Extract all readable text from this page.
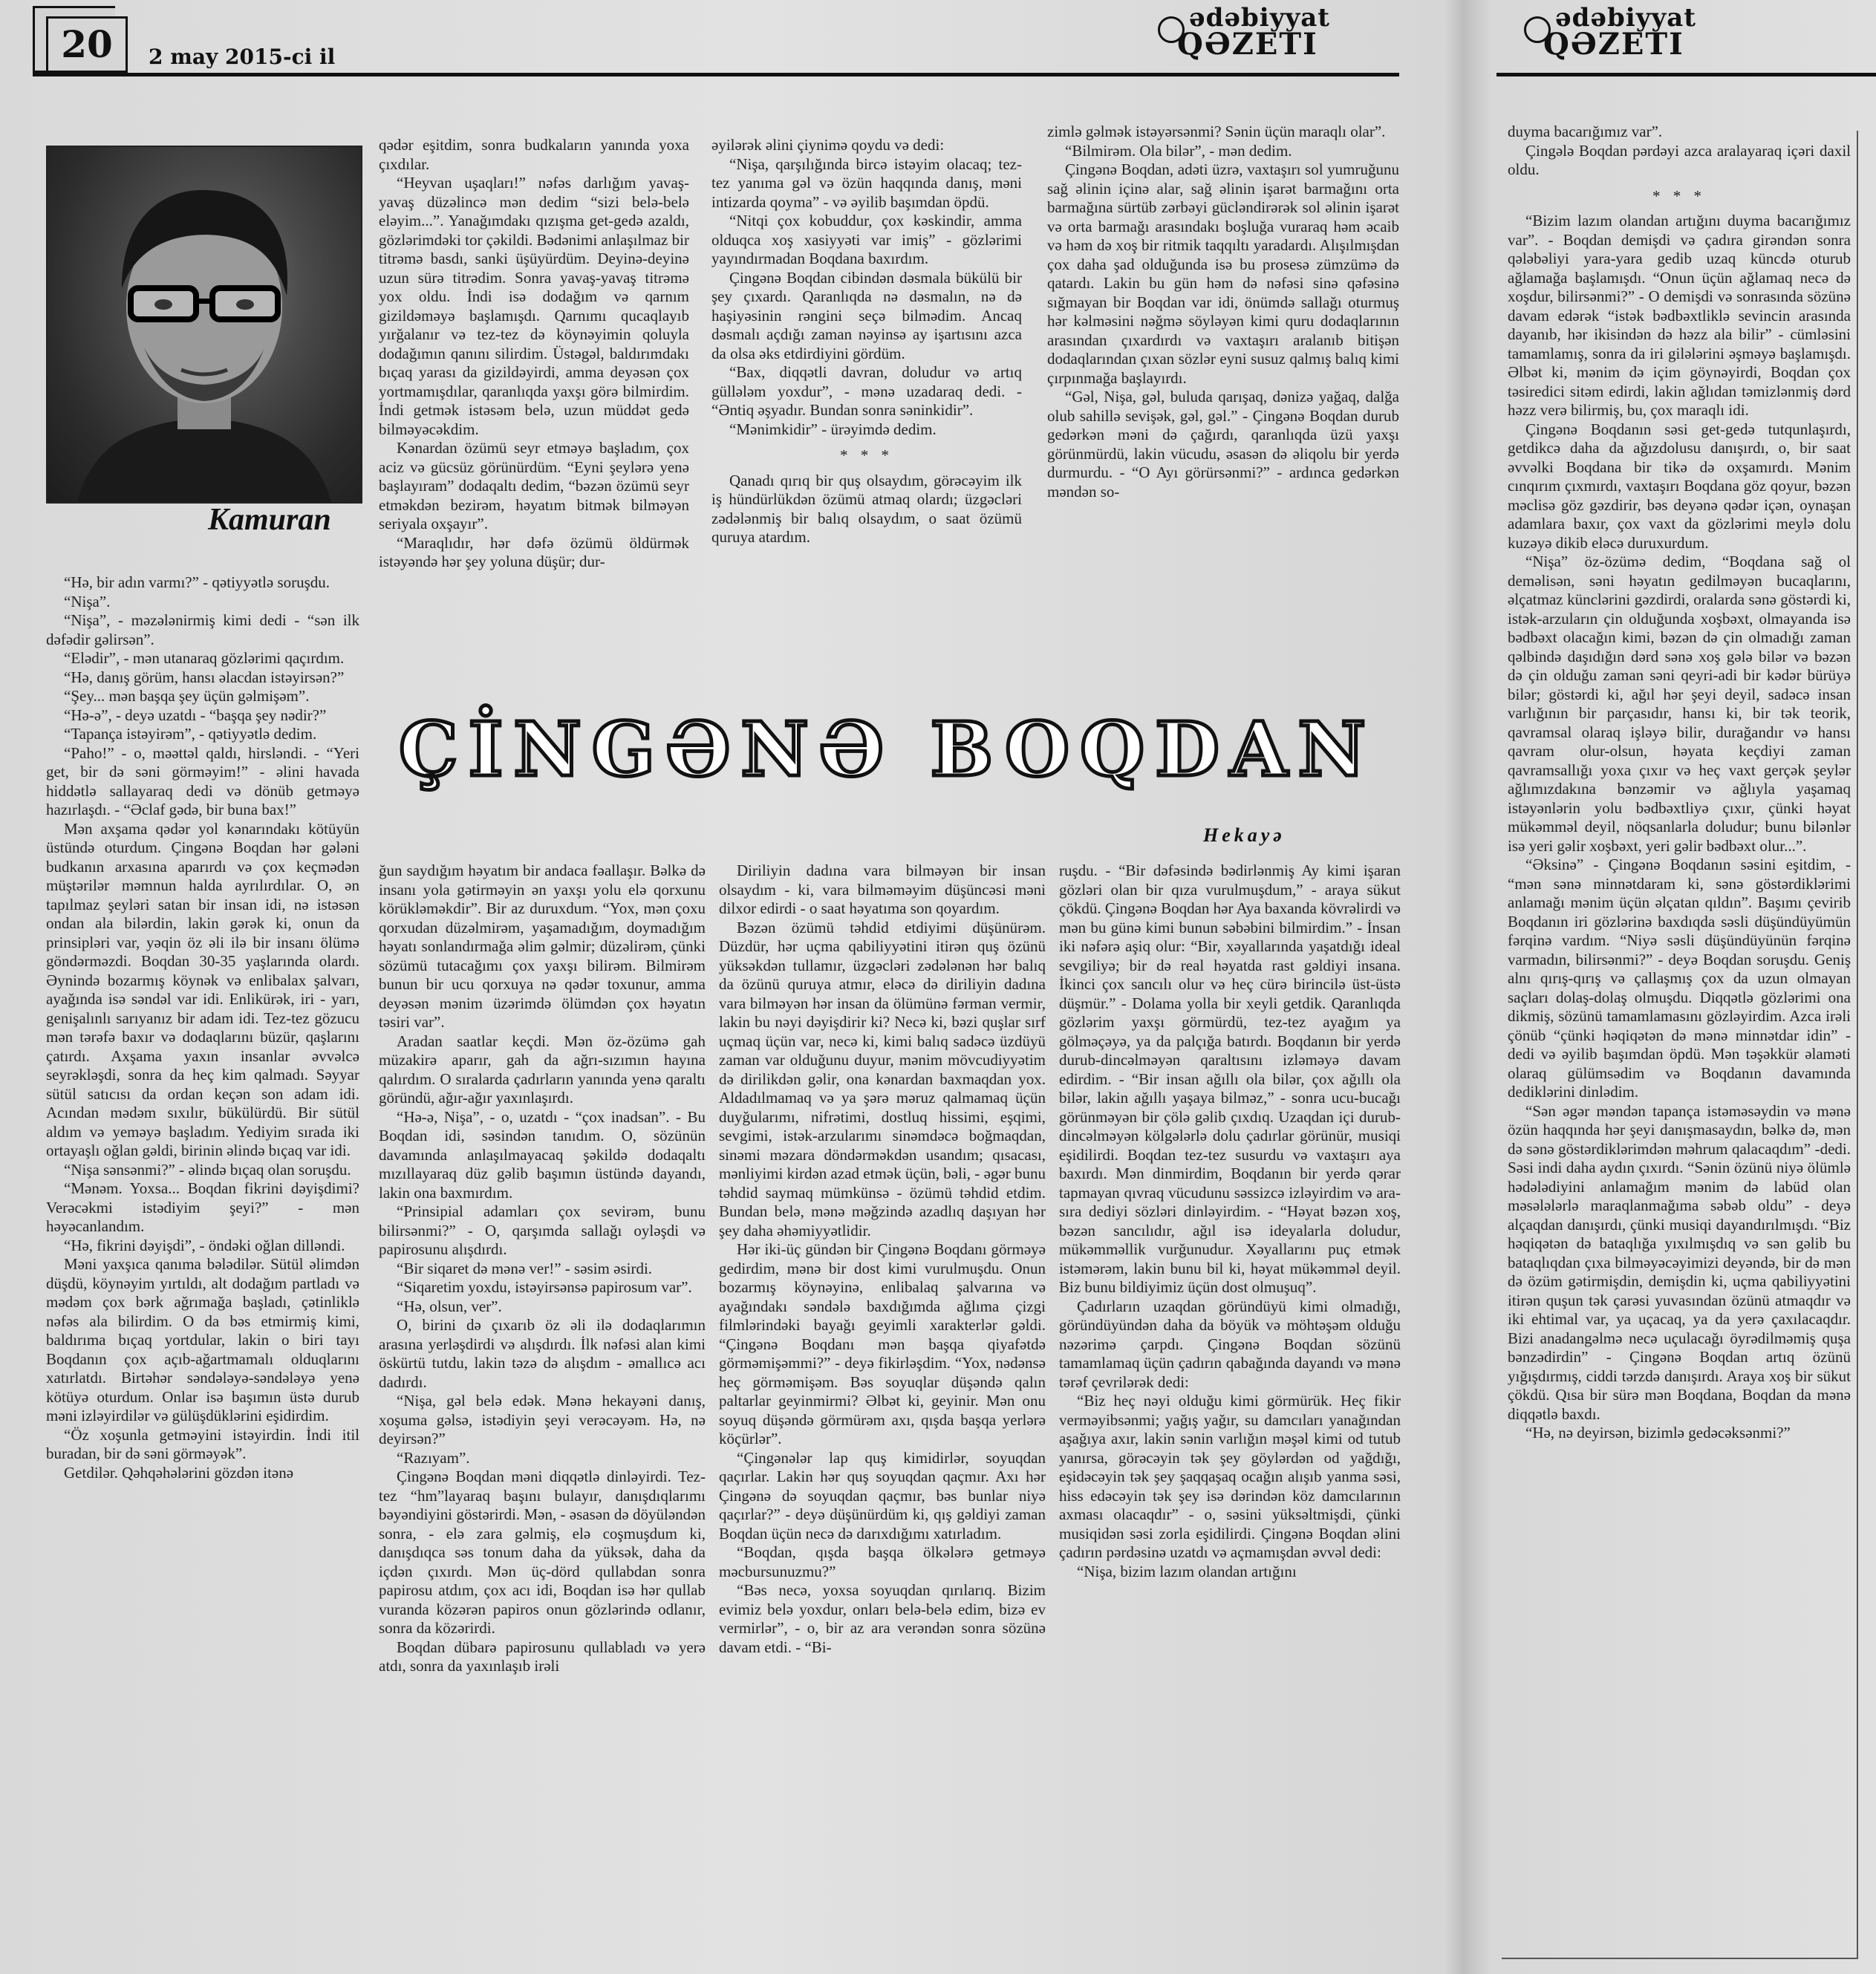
20	2 may 2015-ci il
ədəbiyyat
QƏZETI
ədəbiyyat
QƏZETI
Kamuran
ÇİNGƏNƏ BOQDAN
Hekayə

“Hə, bir adın varmı?” - qətiyyətlə soruşdu.

“Nişa”.

“Nişa”, - məzələnirmiş kimi dedi - “sən ilk dəfədir gəlirsən”.

“Elədir”, - mən utanaraq gözlərimi qaçırdım.

“Hə, danış görüm, hansı əlacdan istəyirsən?”

“Şey... mən başqa şey üçün gəlmişəm”.

“Hə-ə”, - deyə uzatdı - “başqa şey nədir?”

“Tapança istəyirəm”, - qətiyyətlə dedim.

“Paho!” - o, məəttəl qaldı, hirsləndi. - “Yeri get, bir də səni görməyim!” - əlini havada hiddətlə sallayaraq dedi və dönüb getməyə hazırlaşdı. - “Əclaf gədə, bir buna bax!”

Mən axşama qədər yol kənarındakı kötüyün üstündə oturdum. Çingənə Boqdan hər gələni budkanın arxasına aparırdı və çox keçmədən müştərilər məmnun halda ayrılırdılar. O, ən tapılmaz şeyləri satan bir insan idi, nə istəsən ondan ala bilərdin, lakin gərək ki, onun da prinsipləri var, yəqin öz əli ilə bir insanı ölümə göndərməzdi. Boqdan 30-35 yaşlarında olardı. Əynində bozarmış köynək və enlibalax şalvarı, ayağında isə səndəl var idi. Enlikürək, iri - yarı, genişalınlı sarıyanız bir adam idi. Tez-tez gözucu mən tərəfə baxır və dodaqlarını büzür, qaşlarını çatırdı. Axşama yaxın insanlar əvvəlcə seyrəkləşdi, sonra da heç kim qalmadı. Səyyar sütül satıcısı da ordan keçən son adam idi. Acından mədəm sıxılır, bükülürdü. Bir sütül aldım və yeməyə başladım. Yediyim sırada iki ortayaşlı oğlan gəldi, birinin əlində bıçaq var idi.

“Nişa sənsənmi?” - əlində bıçaq olan soruşdu.

“Mənəm. Yoxsa... Boqdan fikrini dəyişdimi? Verəcəkmi istədiyim şeyi?” - mən həyəcanlandım.

“Hə, fikrini dəyişdi”, - öndəki oğlan dilləndi.

Məni yaxşıca qanıma bələdilər. Sütül əlimdən düşdü, köynəyim yırtıldı, alt dodağım partladı və mədəm çox bərk ağrımağa başladı, çətinliklə nəfəs ala bilirdim. O da bəs etmirmiş kimi, baldırıma bıçaq yortdular, lakin o biri tayı Boqdanın çox açıb-ağartmamalı olduqlarını xatırlatdı. Birtəhər səndələyə-səndələyə yenə kötüyə oturdum. Onlar isə başımın üstə durub məni izləyirdilər və gülüşdüklərini eşidirdim.

“Öz xoşunla getməyini istəyirdin. İndi itil buradan, bir də səni görməyək”.

Getdilər. Qəhqəhələrini gözdən itənə

qədər eşitdim, sonra budkaların yanında yoxa çıxdılar.

“Heyvan uşaqları!” nəfəs darlığım yavaş-yavaş düzəlincə mən dedim “sizi belə-belə eləyim...”. Yanağımdakı qızışma get-gedə azaldı, gözlərimdəki tor çəkildi. Bədənimi anlaşılmaz bir titrəmə basdı, sanki üşüyürdüm. Deyinə-deyinə uzun sürə titrədim. Sonra yavaş-yavaş titrəmə yox oldu. İndi isə dodağım və qarnım gizildəməyə başlamışdı. Qarnımı qucaqlayıb yırğalanır və tez-tez də köynəyimin qoluyla dodağımın qanını silirdim. Üstəgəl, baldırımdakı bıçaq yarası da gizildəyirdi, amma deyəsən çox yortmamışdılar, qaranlıqda yaxşı görə bilmirdim. İndi getmək istəsəm belə, uzun müddət gedə bilməyəcəkdim.

Kənardan özümü seyr etməyə başladım, çox aciz və gücsüz görünürdüm. “Eyni şeylərə yenə başlayıram” dodaqaltı dedim, “bəzən özümü seyr etməkdən bezirəm, həyatım bitmək bilməyən seriyala oxşayır”.

“Maraqlıdır, hər dəfə özümü öldürmək istəyəndə hər şey yoluna düşür; dur-

əyilərək əlini çiynimə qoydu və dedi:

“Nişa, qarşılığında bircə istəyim olacaq; tez-tez yanıma gəl və özün haqqında danış, məni intizarda qoyma” - və əyilib başımdan öpdü.

“Nitqi çox kobuddur, çox kəskindir, amma olduqca xoş xasiyyəti var imiş” - gözlərimi yayındırmadan Boqdana baxırdım.

Çingənə Boqdan cibindən dəsmala bükülü bir şey çıxardı. Qaranlıqda nə dəsmalın, nə də haşiyəsinin rəngini seçə bilmədim. Ancaq dəsmalı açdığı zaman nəyinsə ay işartısını azca da olsa əks etdirdiyini gördüm.

“Bax, diqqətli davran, doludur və artıq güllələm yoxdur”, - mənə uzadaraq dedi. - “Əntiq əşyadır. Bundan sonra səninkidir”.

“Mənimkidir” - ürəyimdə dedim.

* * *

Qanadı qırıq bir quş olsaydım, görəcəyim ilk iş hündürlükdən özümü atmaq olardı; üzgəcləri zədələnmiş bir balıq olsaydım, o saat özümü quruya atardım.

zimlə gəlmək istəyərsənmi? Sənin üçün maraqlı olar”.

“Bilmirəm. Ola bilər”, - mən dedim.

Çingənə Boqdan, adəti üzrə, vaxtaşırı sol yumruğunu sağ əlinin içinə alar, sağ əlinin işarət barmağını orta barmağına sürtüb zərbəyi gücləndirərək sol əlinin işarət və orta barmağı arasındakı boşluğa vuraraq həm əcaib və həm də xoş bir ritmik taqqıltı yaradardı. Alışılmışdan çox daha şad olduğunda isə bu prosesə zümzümə də qatardı. Lakin bu gün həm də nəfəsi sinə qəfəsinə sığmayan bir Boqdan var idi, önümdə sallağı oturmuş hər kəlməsini nəğmə söyləyən kimi quru dodaqlarının arasından çıxardırdı və vaxtaşırı aralanıb bitişən dodaqlarından çıxan sözlər eyni susuz qalmış balıq kimi çırpınmağa başlayırdı.

“Gəl, Nişa, gəl, buluda qarışaq, dənizə yağaq, dalğa olub sahillə sevişək, gəl, gəl.” - Çingənə Boqdan durub gedərkən məni də çağırdı, qaranlıqda üzü yaxşı görünmürdü, lakin vücudu, əsasən də əliqolu bir yerdə durmurdu. - “O Ayı görürsənmi?” - ardınca gedərkən məndən so-

ğun saydığım həyatım bir andaca fəallaşır. Bəlkə də insanı yola gətirməyin ən yaxşı yolu elə qorxunu körükləməkdir”. Bir az duruxdum. “Yox, mən çoxu qorxudan düzəlmirəm, yaşamadığım, doymadığım həyatı sonlandırmağa əlim gəlmir; düzəlirəm, çünki sözümü tutacağımı çox yaxşı bilirəm. Bilmirəm bunun bir ucu qorxuya nə qədər toxunur, amma deyəsən mənim üzərimdə ölümdən çox həyatın təsiri var”.

Aradan saatlar keçdi. Mən öz-özümə gah müzakirə aparır, gah da ağrı-sızımın hayına qalırdım. O sıralarda çadırların yanında yenə qaraltı göründü, ağır-ağır yaxınlaşırdı.

“Hə-ə, Nişa”, - o, uzatdı - “çox inadsan”. - Bu Boqdan idi, səsindən tanıdım. O, sözünün davamında anlaşılmayacaq şəkildə dodaqaltı mızıllayaraq düz gəlib başımın üstündə dayandı, lakin ona baxmırdım.

“Prinsipial adamları çox sevirəm, bunu bilirsənmi?” - O, qarşımda sallağı oyləşdi və papirosunu alışdırdı.

“Bir siqaret də mənə ver!” - səsim əsirdi.

“Siqaretim yoxdu, istəyirsənsə papirosum var”.

“Hə, olsun, ver”.

O, birini də çıxarıb öz əli ilə dodaqlarımın arasına yerləşdirdi və alışdırdı. İlk nəfəsi alan kimi öskürtü tutdu, lakin təzə də alışdım - əmallıcə acı dadırdı.

“Nişa, gəl belə edək. Mənə hekayəni danış, xoşuma gəlsə, istədiyin şeyi verəcəyəm. Hə, nə deyirsən?”

“Razıyam”.

Çingənə Boqdan məni diqqətlə dinləyirdi. Tez-tez “hm”layaraq başını bulayır, danışdıqlarımı bəyəndiyini göstərirdi. Mən, - əsasən də döyüləndən sonra, - elə zara gəlmiş, elə coşmuşdum ki, danışdıqca səs tonum daha da yüksək, daha da içdən çıxırdı. Mən üç-dörd qullabdan sonra papirosu atdım, çox acı idi, Boqdan isə hər qullab vuranda közərən papiros onun gözlərində odlanır, sonra da közərirdi.

Boqdan dübarə papirosunu qullabladı və yerə atdı, sonra da yaxınlaşıb irəli

Diriliyin dadına vara bilməyən bir insan olsaydım - ki, vara bilməməyim düşüncəsi məni dilxor edirdi - o saat həyatıma son qoyardım.

Bəzən özümü təhdid etdiyimi düşünürəm. Düzdür, hər uçma qabiliyyətini itirən quş özünü yüksəkdən tullamır, üzgəcləri zədələnən hər balıq da özünü quruya atmır, eləcə də diriliyin dadına vara bilməyən hər insan da ölümünə fərman vermir, lakin bu nəyi dəyişdirir ki? Necə ki, bəzi quşlar sırf uçmaq üçün var, necə ki, kimi balıq sadəcə üzdüyü zaman var olduğunu duyur, mənim mövcudiyyətim də dirilikdən gəlir, ona kənardan baxmaqdan yox. Aldadılmamaq və ya şərə məruz qalmamaq üçün duyğularımı, nifrətimi, dostluq hissimi, eşqimi, sevgimi, istək-arzularımı sinəmdəcə boğmaqdan, sinəmi məzara döndərməkdən usandım; qısacası, mənliyimi kirdən azad etmək üçün, bəli, - əgər bunu təhdid saymaq mümkünsə - özümü təhdid etdim. Bundan belə, mənə məğzində azadlıq daşıyan hər şey daha əhəmiyyətlidir.

Hər iki-üç gündən bir Çingənə Boqdanı görməyə gedirdim, mənə bir dost kimi vurulmuşdu. Onun bozarmış köynəyinə, enlibalaq şalvarına və ayağındakı səndələ baxdığımda ağlıma çizgi filmlərindəki bayağı geyimli xarakterlər gəldi. “Çingənə Boqdanı mən başqa qiyafətdə görməmişəmmi?” - deyə fikirləşdim. “Yox, nədənsə heç görməmişəm. Bəs soyuqlar düşəndə qalın paltarlar geyinmirmi? Əlbət ki, geyinir. Mən onu soyuq düşəndə görmürəm axı, qışda başqa yerlərə köçürlər”.

“Çingənələr lap quş kimidirlər, soyuqdan qaçırlar. Lakin hər quş soyuqdan qaçmır. Axı hər Çingənə də soyuqdan qaçmır, bəs bunlar niyə qaçırlar?” - deyə düşünürdüm ki, qış gəldiyi zaman Boqdan üçün necə də darıxdığımı xatırladım.

“Boqdan, qışda başqa ölkələrə getməyə məcbursunuzmu?”

“Bəs necə, yoxsa soyuqdan qırılarıq. Bizim evimiz belə yoxdur, onları belə-belə edim, bizə ev vermirlər”, - o, bir az ara verəndən sonra sözünə davam etdi. - “Bi-

ruşdu. - “Bir dəfəsində bədirlənmiş Ay kimi işaran gözləri olan bir qıza vurulmuşdum,” - araya sükut çökdü. Çingənə Boqdan hər Aya baxanda kövrəlirdi və mən bu günə kimi bunun səbəbini bilmirdim.” - İnsan iki nəfərə aşiq olur: “Bir, xəyallarında yaşatdığı ideal sevgiliyə; bir də real həyatda rast gəldiyi insana. İkinci çox sancılı olur və heç cürə birincilə üst-üstə düşmür.” - Dolama yolla bir xeyli getdik. Qaranlıqda gözlərim yaxşı görmürdü, tez-tez ayağım ya gölməçəyə, ya da palçığa batırdı. Boqdanın bir yerdə durub-dincəlməyən qaraltısını izləməyə davam edirdim. - “Bir insan ağıllı ola bilər, çox ağıllı ola bilər, lakin ağıllı yaşaya bilməz,” - sonra ucu-bucağı görünməyən bir çölə gəlib çıxdıq. Uzaqdan içi durub-dincəlməyən kölgələrlə dolu çadırlar görünür, musiqi eşidilirdi. Boqdan tez-tez susurdu və vaxtaşırı aya baxırdı. Mən dinmirdim, Boqdanın bir yerdə qərar tapmayan qıvraq vücudunu səssizcə izləyirdim və ara-sıra dediyi sözləri dinləyirdim. - “Həyat bəzən xoş, bəzən sancılıdır, ağıl isə ideyalarla doludur, mükəmməllik vurğunudur. Xəyallarını puç etmək istəmərəm, lakin bunu bil ki, həyat mükəmməl deyil. Biz bunu bildiyimiz üçün dost olmuşuq”.

Çadırların uzaqdan göründüyü kimi olmadığı, göründüyündən daha da böyük və möhtəşəm olduğu nəzərimə çarpdı. Çingənə Boqdan sözünü tamamlamaq üçün çadırın qabağında dayandı və mənə tərəf çevrilərək dedi:

“Biz heç nəyi olduğu kimi görmürük. Heç fikir verməyibsənmi; yağış yağır, su damcıları yanağından aşağıya axır, lakin sənin varlığın məşəl kimi od tutub yanırsa, görəcəyin tək şey göylərdən od yağdığı, eşidəcəyin tək şey şaqqaşaq ocağın alışıb yanma səsi, hiss edəcəyin tək şey isə dərindən köz damcılarının axması olacaqdır” - o, səsini yüksəltmişdi, çünki musiqidən səsi zorla eşidilirdi. Çingənə Boqdan əlini çadırın pərdəsinə uzatdı və açmamışdan əvvəl dedi:

“Nişa, bizim lazım olandan artığını

duyma bacarığımız var”.

Çingələ Boqdan pərdəyi azca aralayaraq içəri daxil oldu.

* * *

“Bizim lazım olandan artığını duyma bacarığımız var”. - Boqdan demişdi və çadıra girəndən sonra qələbəliyi yara-yara gedib uzaq küncdə oturub ağlamağa başlamışdı. “Onun üçün ağlamaq necə də xoşdur, bilirsənmi?” - O demişdi və sonrasında sözünə davam edərək “istək bədbəxtliklə sevincin arasında dayanıb, hər ikisindən də həzz ala bilir” - cümləsini tamamlamış, sonra da iri gilələrini əşməyə başlamışdı. Əlbət ki, mənim də içim göynəyirdi, Boqdan çox təsiredici sitəm edirdi, lakin ağlıdan təmizlənmiş dərd həzz verə bilirmiş, bu, çox maraqlı idi.

Çingənə Boqdanın səsi get-gedə tutqunlaşırdı, getdikcə daha da ağızdolusu danışırdı, o, bir saat əvvəlki Boqdana bir tikə də oxşamırdı. Mənim cınqırım çıxmırdı, vaxtaşırı Boqdana göz qoyur, bəzən məclisə göz gəzdirir, bəs deyənə qədər içən, oynaşan adamlara baxır, çox vaxt da gözlərimi meylə dolu kuzəyə dikib eləcə duruxurdum.

“Nişa” öz-özümə dedim, “Boqdana sağ ol deməlisən, səni həyatın gedilməyən bucaqlarını, əlçatmaz künclərini gəzdirdi, oralarda sənə göstərdi ki, istək-arzuların çin olduğunda xoşbəxt, olmayanda isə bədbəxt olacağın kimi, bəzən də çin olmadığı zaman qəlbində daşıdığın dərd sənə xoş gələ bilər və bəzən də çin olduğu zaman səni qeyri-adi bir kədər bürüyə bilər; göstərdi ki, ağıl hər şeyi deyil, sadəcə insan varlığının bir parçasıdır, hansı ki, bir tək teorik, qavramsal olaraq işləyə bilir, durağandır və hansı qavram olur-olsun, həyata keçdiyi zaman qavramsallığı yoxa çıxır və heç vaxt gerçək şeylər ağlımızdakına bənzəmir və ağlıyla yaşamaq istəyənlərin yolu bədbəxtliyə çıxır, çünki həyat mükəmməl deyil, nöqsanlarla doludur; bunu bilənlər isə yeri gəlir xoşbəxt, yeri gəlir bədbəxt olur...”.

“Əksinə” - Çingənə Boqdanın səsini eşitdim, - “mən sənə minnətdaram ki, sənə göstərdiklərimi anlamağı mənim üçün əlçatan qıldın”. Başımı çevirib Boqdanın iri gözlərinə baxdıqda səsli düşündüyümün fərqinə vardım. “Niyə səsli düşündüyünün fərqinə varmadın, bilirsənmi?” - deyə Boqdan soruşdu. Geniş alnı qırış-qırış və çallaşmış çox da uzun olmayan saçları dolaş-dolaş olmuşdu. Diqqətlə gözlərimi ona dikmiş, sözünü tamamlamasını gözləyirdim. Azca irəli çönüb “çünki həqiqətən də mənə minnətdar idin” - dedi və əyilib başımdan öpdü. Mən təşəkkür əlaməti olaraq gülümsədim və Boqdanın davamında dediklərini dinlədim.

“Sən əgər məndən tapança istəməsəydin və mənə özün haqqında hər şeyi danışmasaydın, bəlkə də, mən də sənə göstərdiklərimdən məhrum qalacaqdım” -dedi. Səsi indi daha aydın çıxırdı. “Sənin özünü niyə ölümlə hədələdiyini anlamağım mənim də labüd olan məsələlərlə maraqlanmağıma səbəb oldu” - deyə alçaqdan danışırdı, çünki musiqi dayandırılmışdı. “Biz həqiqətən də bataqlığa yıxılmışdıq və sən gəlib bu bataqlıqdan çıxa bilməyəcəyimizi deyəndə, bir də mən də özüm gətirmişdin, demişdin ki, uçma qabiliyyətini itirən quşun tək çarəsi yuvasından özünü atmaqdır və iki ehtimal var, ya uçacaq, ya da yerə çaxılacaqdır. Bizi anadangəlmə necə uçulacağı öyrədilməmiş quşa bənzədirdin” - Çingənə Boqdan artıq özünü yığışdırmış, ciddi tərzdə danışırdı. Araya xoş bir sükut çökdü. Qısa bir sürə mən Boqdana, Boqdan da mənə diqqətlə baxdı.

“Hə, nə deyirsən, bizimlə gedəcəksənmi?”
